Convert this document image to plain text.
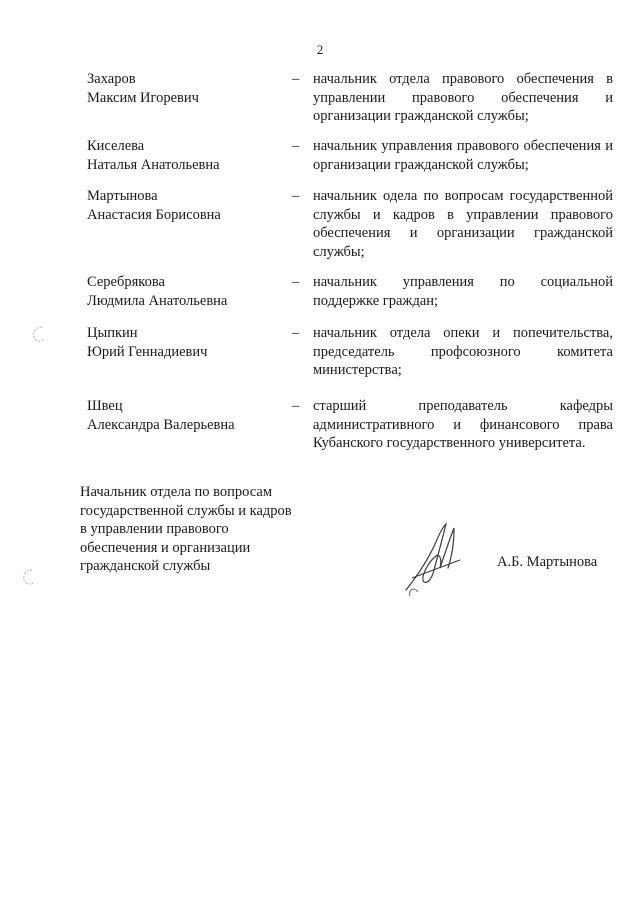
2
Захаров
Максим Игоревич
– начальник отдела правового обеспечения в управлении правового обеспечения и организации гражданской службы;
Киселева
Наталья Анатольевна
– начальник управления правового обеспечения и организации гражданской службы;
Мартынова
Анастасия Борисовна
– начальник одела по вопросам государственной службы и кадров в управлении правового обеспечения и организации гражданской службы;
Серебрякова
Людмила Анатольевна
– начальник управления по социальной поддержке граждан;
Цыпкин
Юрий Геннадиевич
– начальник отдела опеки и попечительства, председатель профсоюзного комитета министерства;
Швец
Александра Валерьевна
– старший преподаватель кафедры административного и финансового права Кубанского государственного университета.
Начальник отдела по вопросам
государственной службы и кадров
в управлении правового
обеспечения и организации
гражданской службы	А.Б. Мартынова
